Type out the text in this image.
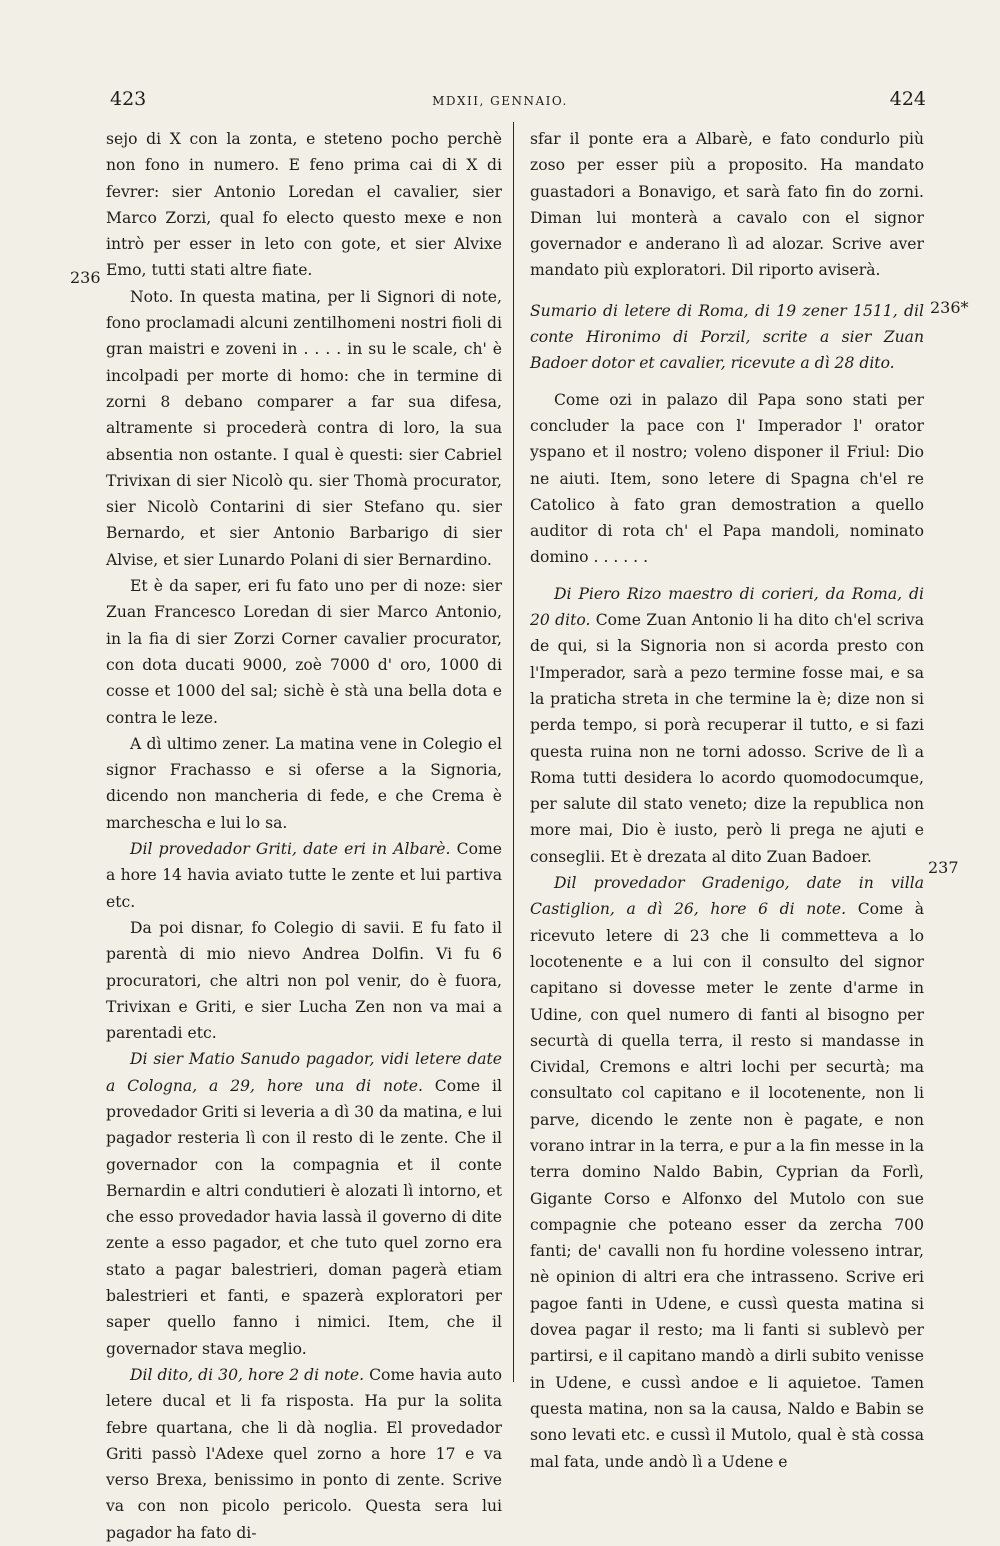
423	MDXII, GENNAIO.	424
236
236*
237

sejo di X con la zonta, e steteno pocho perchè non fono in numero. E feno prima cai di X di fevrer: sier Antonio Loredan el cavalier, sier Marco Zorzi, qual fo electo questo mexe e non intrò per esser in leto con gote, et sier Alvixe Emo, tutti stati altre fiate.

Noto. In questa matina, per li Signori di note, fono proclamadi alcuni zentilhomeni nostri fioli di gran maistri e zoveni in . . . . in su le scale, ch' è incolpadi per morte di homo: che in termine di zorni 8 debano comparer a far sua difesa, altramente si procederà contra di loro, la sua absentia non ostante. I qual è questi: sier Cabriel Trivixan di sier Nicolò qu. sier Thomà procurator, sier Nicolò Contarini di sier Stefano qu. sier Bernardo, et sier Antonio Barbarigo di sier Alvise, et sier Lunardo Polani di sier Bernardino.

Et è da saper, eri fu fato uno per di noze: sier Zuan Francesco Loredan di sier Marco Antonio, in la fia di sier Zorzi Corner cavalier procurator, con dota ducati 9000, zoè 7000 d' oro, 1000 di cosse et 1000 del sal; sichè è stà una bella dota e contra le leze.

A dì ultimo zener. La matina vene in Colegio el signor Frachasso e si oferse a la Signoria, dicendo non mancheria di fede, e che Crema è marchescha e lui lo sa.

Dil provedador Griti, date eri in Albarè. Come a hore 14 havia aviato tutte le zente et lui partiva etc.

Da poi disnar, fo Colegio di savii. E fu fato il parentà di mio nievo Andrea Dolfin. Vi fu 6 procuratori, che altri non pol venir, do è fuora, Trivixan e Griti, e sier Lucha Zen non va mai a parentadi etc.

Di sier Matio Sanudo pagador, vidi letere date a Cologna, a 29, hore una di note. Come il provedador Griti si leveria a dì 30 da matina, e lui pagador resteria lì con il resto di le zente. Che il governador con la compagnia et il conte Bernardin e altri condutieri è alozati lì intorno, et che esso provedador havia lassà il governo di dite zente a esso pagador, et che tuto quel zorno era stato a pagar balestrieri, doman pagerà etiam balestrieri et fanti, e spazerà exploratori per saper quello fanno i nimici. Item, che il governador stava meglio.

Dil dito, di 30, hore 2 di note. Come havia auto letere ducal et li fa risposta. Ha pur la solita febre quartana, che li dà noglia. El provedador Griti passò l'Adexe quel zorno a hore 17 e va verso Brexa, benissimo in ponto di zente. Scrive va con non picolo pericolo. Questa sera lui pagador ha fato di-

sfar il ponte era a Albarè, e fato condurlo più zoso per esser più a proposito. Ha mandato guastadori a Bonavigo, et sarà fato fin do zorni. Diman lui monterà a cavalo con el signor governador e anderano lì ad alozar. Scrive aver mandato più exploratori. Dil riporto aviserà.

Sumario di letere di Roma, di 19 zener 1511, dil conte Hironimo di Porzil, scrite a sier Zuan Badoer dotor et cavalier, ricevute a dì 28 dito.

Come ozi in palazo dil Papa sono stati per concluder la pace con l' Imperador l' orator yspano et il nostro; voleno disponer il Friul: Dio ne aiuti. Item, sono letere di Spagna ch'el re Catolico à fato gran demostration a quello auditor di rota ch' el Papa mandoli, nominato domino . . . . . .

Di Piero Rizo maestro di corieri, da Roma, di 20 dito. Come Zuan Antonio li ha dito ch'el scriva de qui, si la Signoria non si acorda presto con l'Imperador, sarà a pezo termine fosse mai, e sa la praticha streta in che termine la è; dize non si perda tempo, si porà recuperar il tutto, e si fazi questa ruina non ne torni adosso. Scrive de lì a Roma tutti desidera lo acordo quomodocumque, per salute dil stato veneto; dize la republica non more mai, Dio è iusto, però li prega ne ajuti e conseglii. Et è drezata al dito Zuan Badoer.

Dil provedador Gradenigo, date in villa Castiglion, a dì 26, hore 6 di note. Come à ricevuto letere di 23 che li commetteva a lo locotenente e a lui con il consulto del signor capitano si dovesse meter le zente d'arme in Udine, con quel numero di fanti al bisogno per securtà di quella terra, il resto si mandasse in Cividal, Cremons e altri lochi per securtà; ma consultato col capitano e il locotenente, non li parve, dicendo le zente non è pagate, e non vorano intrar in la terra, e pur a la fin messe in la terra domino Naldo Babin, Cyprian da Forlì, Gigante Corso e Alfonxo del Mutolo con sue compagnie che poteano esser da zercha 700 fanti; de' cavalli non fu hordine volesseno intrar, nè opinion di altri era che intrasseno. Scrive eri pagoe fanti in Udene, e cussì questa matina si dovea pagar il resto; ma li fanti si sublevò per partirsi, e il capitano mandò a dirli subito venisse in Udene, e cussì andoe e li aquietoe. Tamen questa matina, non sa la causa, Naldo e Babin se sono levati etc. e cussì il Mutolo, qual è stà cossa mal fata, unde andò lì a Udene e
